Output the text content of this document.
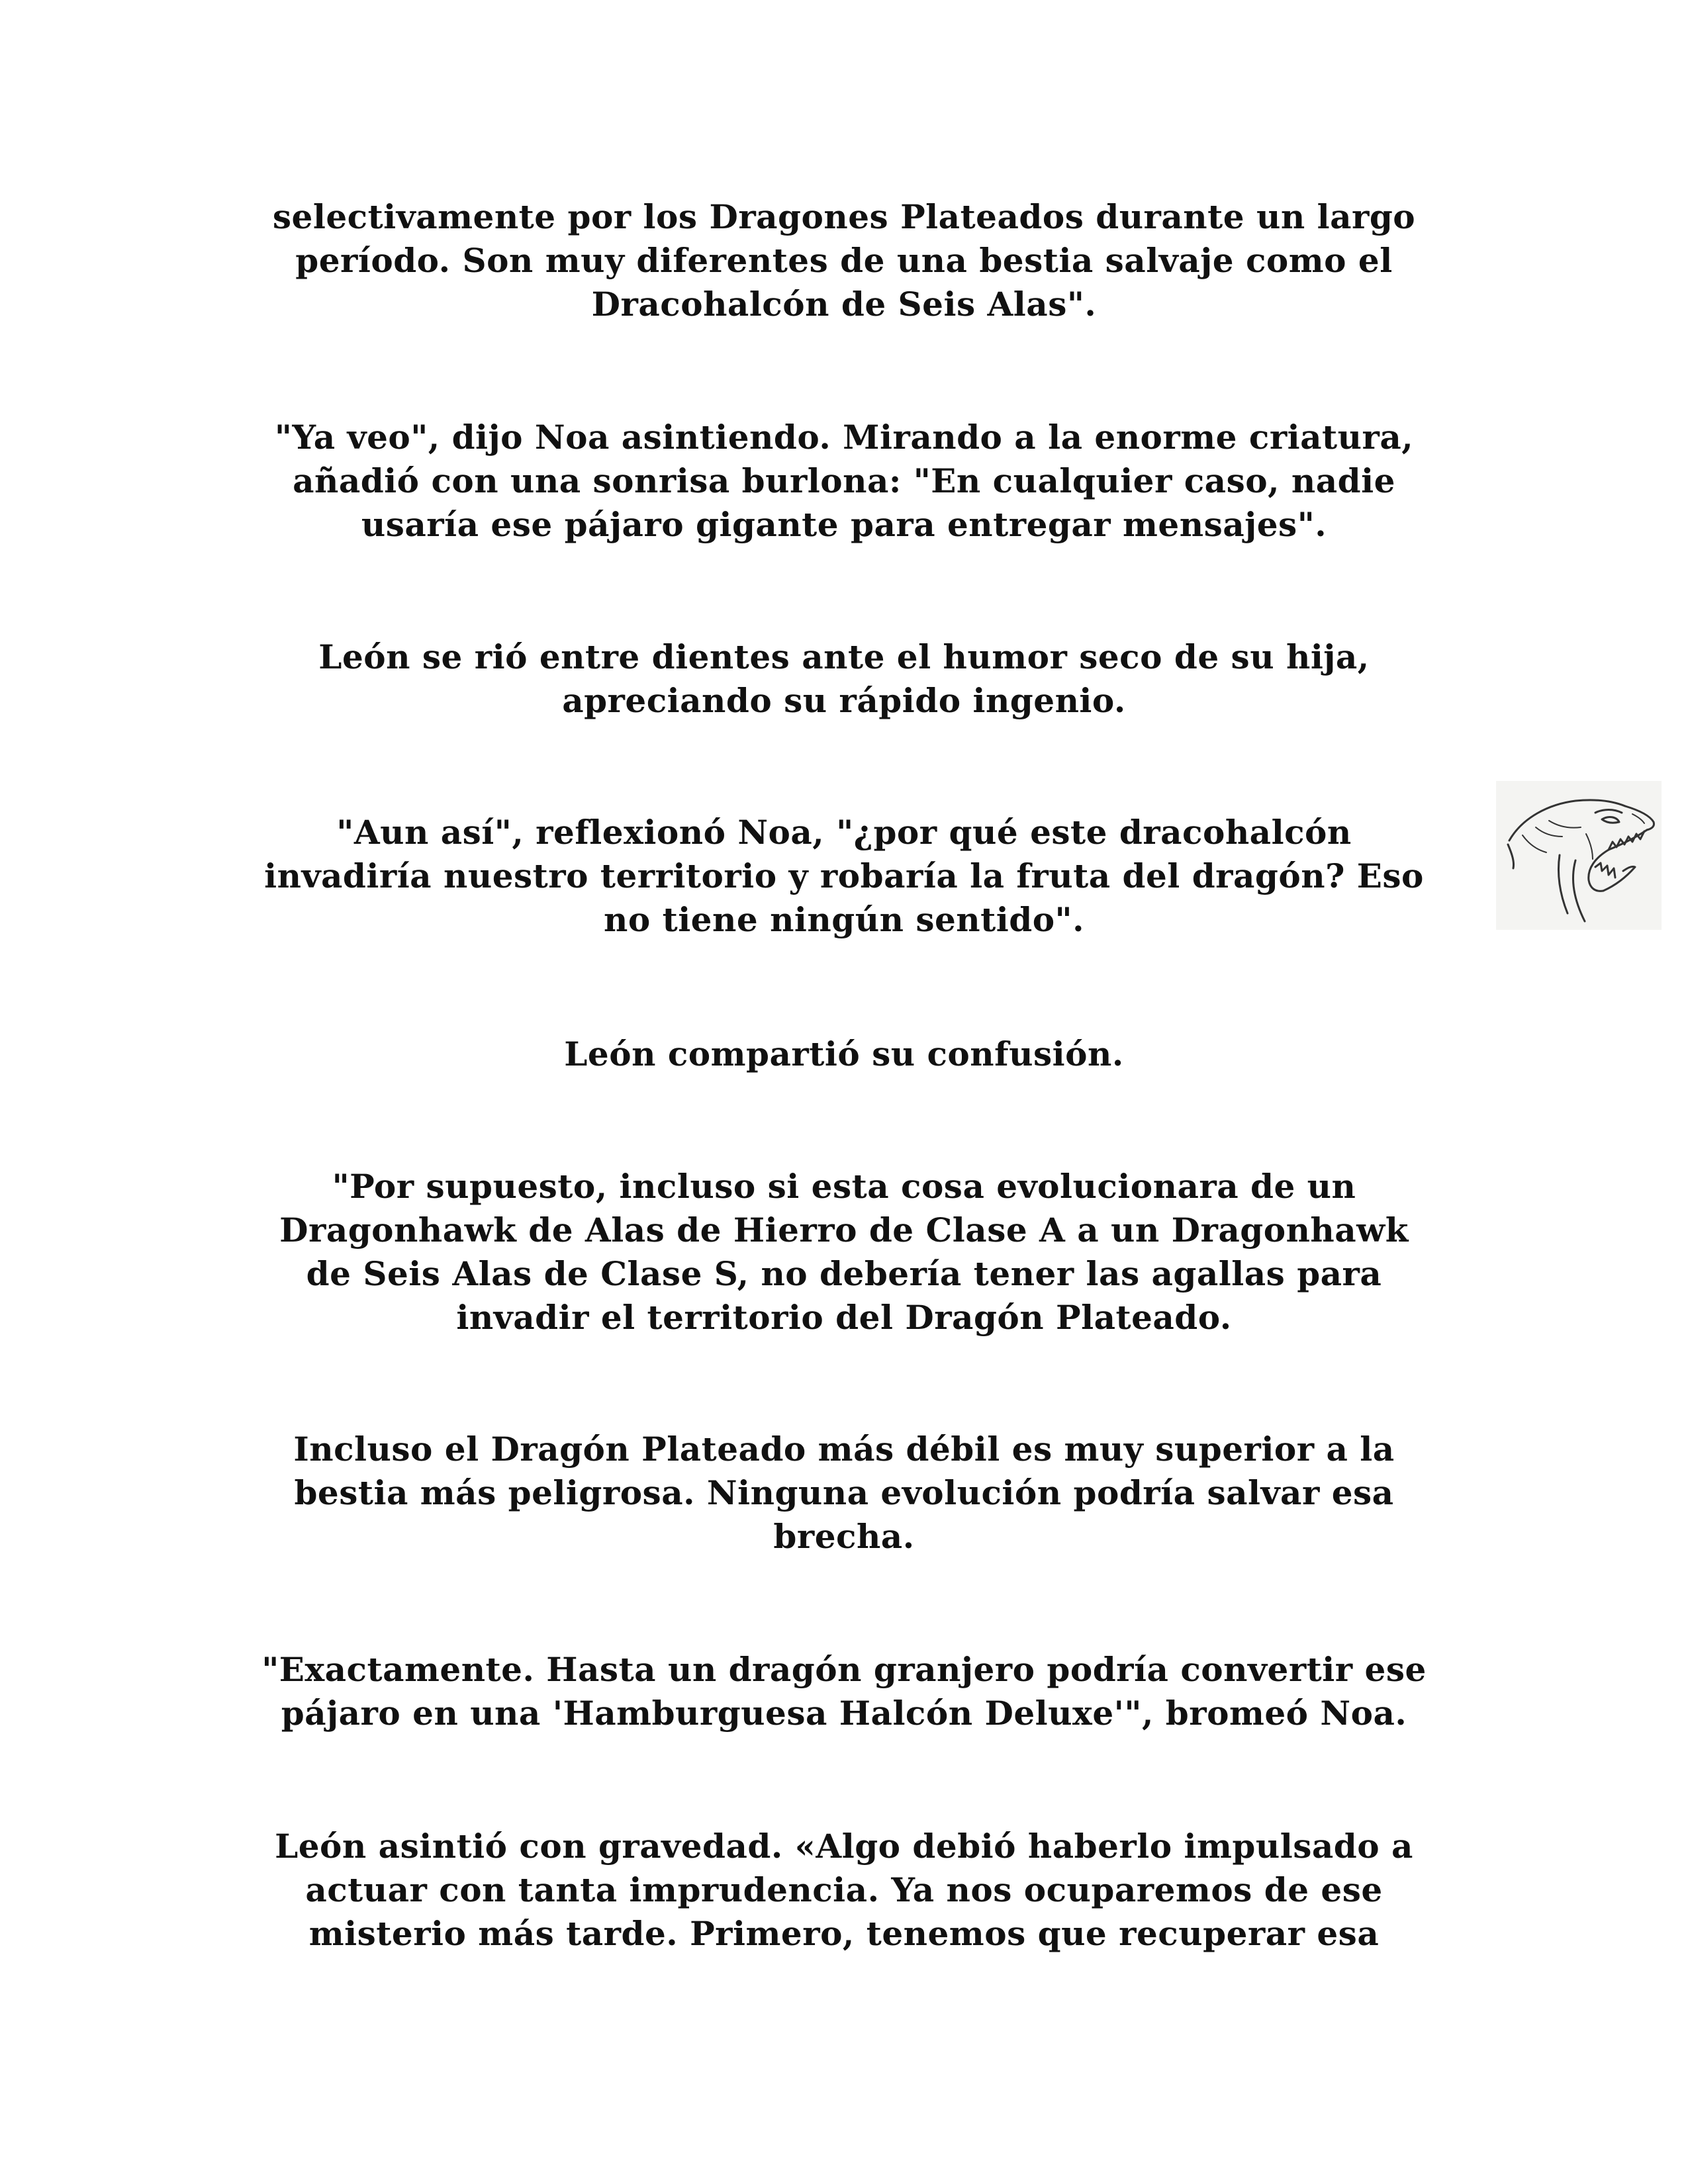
selectivamente por los Dragones Plateados durante un largo
período. Son muy diferentes de una bestia salvaje como el
Dracohalcón de Seis Alas".

"Ya veo", dijo Noa asintiendo. Mirando a la enorme criatura,
añadió con una sonrisa burlona: "En cualquier caso, nadie
usaría ese pájaro gigante para entregar mensajes".

León se rió entre dientes ante el humor seco de su hija,
apreciando su rápido ingenio.

"Aun así", reflexionó Noa, "¿por qué este dracohalcón
invadiría nuestro territorio y robaría la fruta del dragón? Eso
no tiene ningún sentido".

León compartió su confusión.

"Por supuesto, incluso si esta cosa evolucionara de un
Dragonhawk de Alas de Hierro de Clase A a un Dragonhawk
de Seis Alas de Clase S, no debería tener las agallas para
invadir el territorio del Dragón Plateado.

Incluso el Dragón Plateado más débil es muy superior a la
bestia más peligrosa. Ninguna evolución podría salvar esa
brecha.

"Exactamente. Hasta un dragón granjero podría convertir ese
pájaro en una 'Hamburguesa Halcón Deluxe'", bromeó Noa.

León asintió con gravedad. «Algo debió haberlo impulsado a
actuar con tanta imprudencia. Ya nos ocuparemos de ese
misterio más tarde. Primero, tenemos que recuperar esa
